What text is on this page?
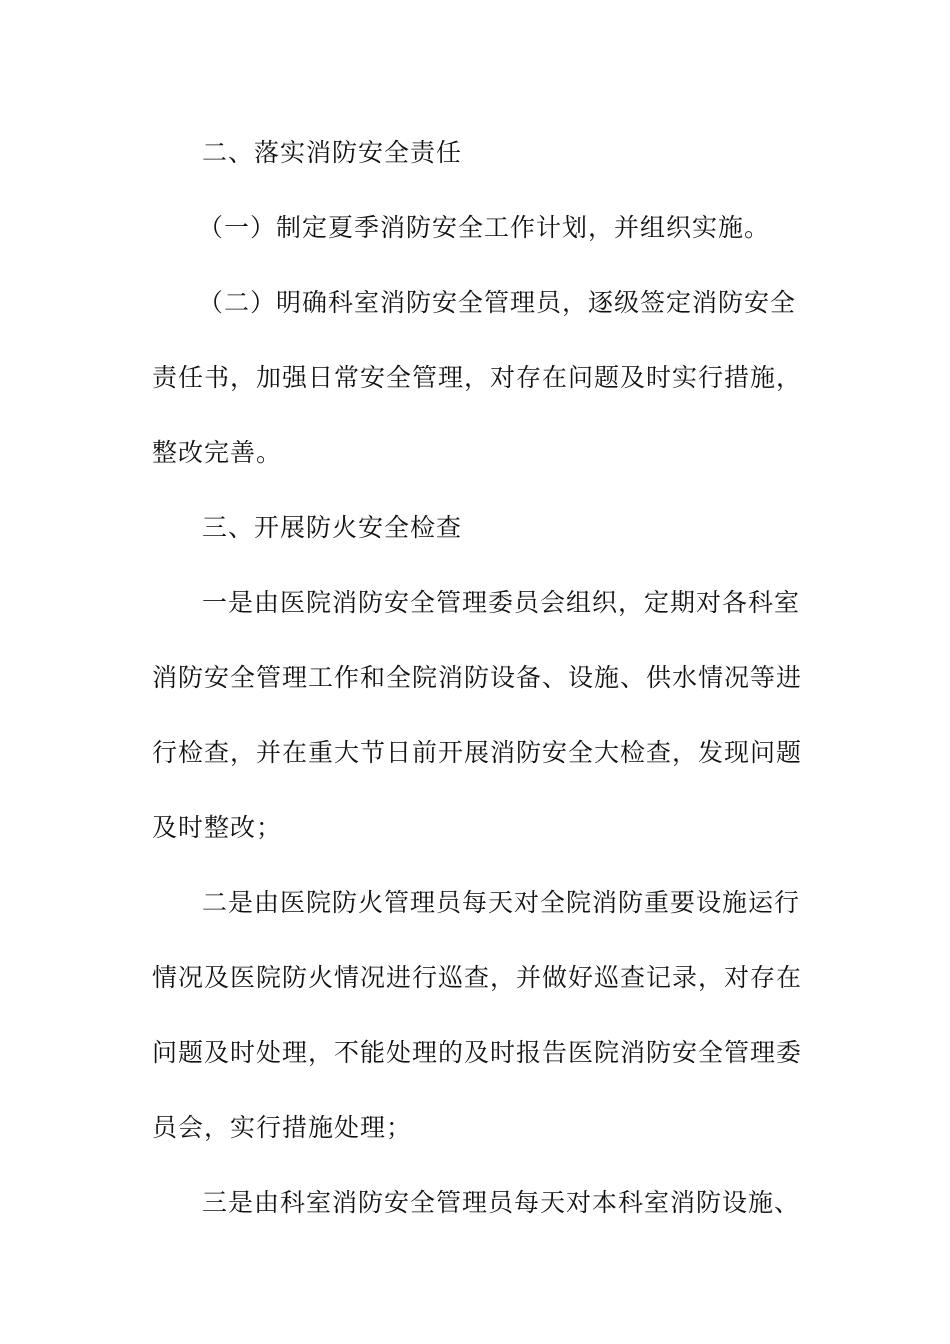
二、落实消防安全责任
（一）制定夏季消防安全工作计划，并组织实施。
（二）明确科室消防安全管理员，逐级签定消防安全
责任书，加强日常安全管理，对存在问题及时实行措施，
整改完善。
三、开展防火安全检查
一是由医院消防安全管理委员会组织，定期对各科室
消防安全管理工作和全院消防设备、设施、供水情况等进
行检查，并在重大节日前开展消防安全大检查，发现问题
及时整改；
二是由医院防火管理员每天对全院消防重要设施运行
情况及医院防火情况进行巡查，并做好巡查记录，对存在
问题及时处理，不能处理的及时报告医院消防安全管理委
员会，实行措施处理；
三是由科室消防安全管理员每天对本科室消防设施、
